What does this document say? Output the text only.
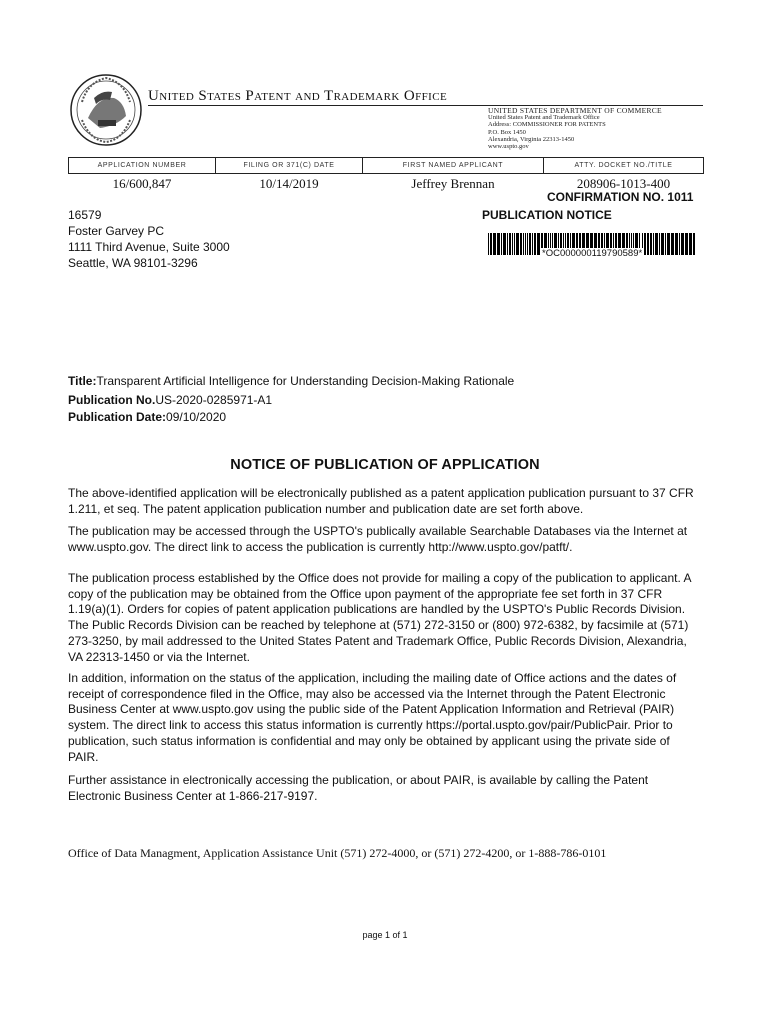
United States Patent and Trademark Office
UNITED STATES DEPARTMENT OF COMMERCE
United States Patent and Trademark Office
Address: COMMISSIONER FOR PATENTS
P.O. Box 1450
Alexandria, Virginia 22313-1450
www.uspto.gov
APPLICATION NUMBER	FILING OR 371(C) DATE	FIRST NAMED APPLICANT	ATTY. DOCKET NO./TITLE
16/600,847	10/14/2019	Jeffrey Brennan	208906-1013-400
CONFIRMATION NO. 1011
PUBLICATION NOTICE
16579
Foster Garvey PC
1111 Third Avenue, Suite 3000
Seattle, WA 98101-3296
*OC000000119790589*
Title:Transparent Artificial Intelligence for Understanding Decision-Making Rationale
Publication No.US-2020-0285971-A1
Publication Date:09/10/2020
NOTICE OF PUBLICATION OF APPLICATION
The above-identified application will be electronically published as a patent application publication pursuant to 37 CFR 1.211, et seq. The patent application publication number and publication date are set forth above.
The publication may be accessed through the USPTO's publically available Searchable Databases via the Internet at www.uspto.gov. The direct link to access the publication is currently http://www.uspto.gov/patft/.
The publication process established by the Office does not provide for mailing a copy of the publication to applicant. A copy of the publication may be obtained from the Office upon payment of the appropriate fee set forth in 37 CFR 1.19(a)(1). Orders for copies of patent application publications are handled by the USPTO's Public Records Division. The Public Records Division can be reached by telephone at (571) 272-3150 or (800) 972-6382, by facsimile at (571) 273-3250, by mail addressed to the United States Patent and Trademark Office, Public Records Division, Alexandria, VA 22313-1450 or via the Internet.
In addition, information on the status of the application, including the mailing date of Office actions and the dates of receipt of correspondence filed in the Office, may also be accessed via the Internet through the Patent Electronic Business Center at www.uspto.gov using the public side of the Patent Application Information and Retrieval (PAIR) system. The direct link to access this status information is currently https://portal.uspto.gov/pair/PublicPair. Prior to publication, such status information is confidential and may only be obtained by applicant using the private side of PAIR.
Further assistance in electronically accessing the publication, or about PAIR, is available by calling the Patent Electronic Business Center at 1-866-217-9197.
Office of Data Managment, Application Assistance Unit (571) 272-4000, or (571) 272-4200, or 1-888-786-0101
page 1 of 1
